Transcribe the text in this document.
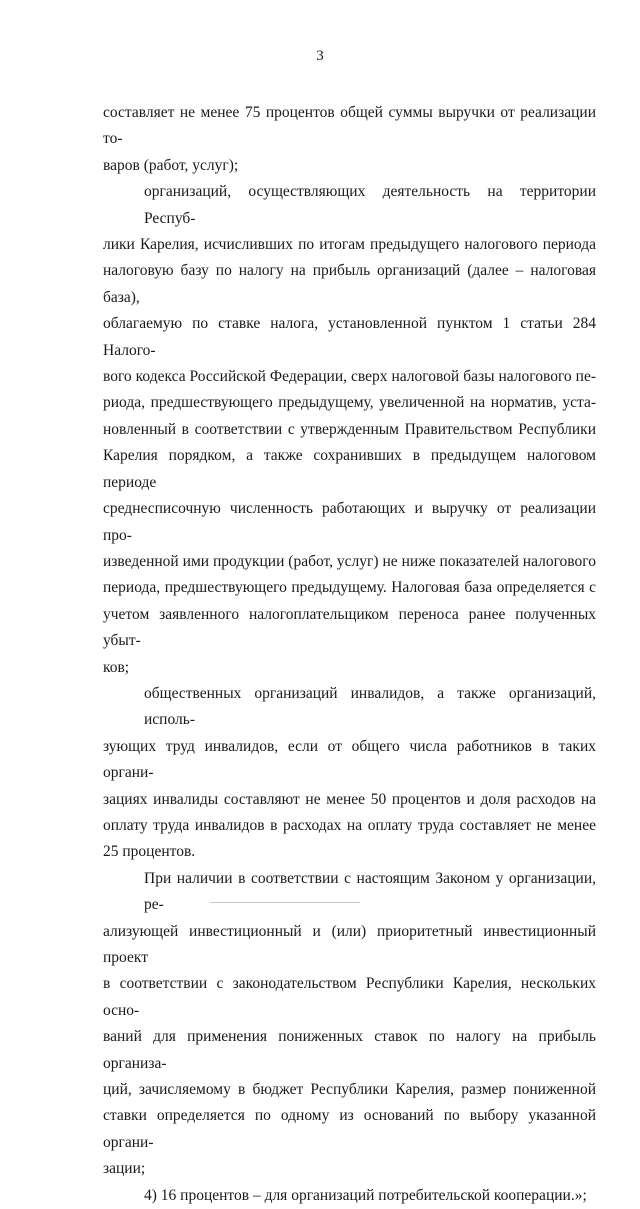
3
составляет не менее 75 процентов общей суммы выручки от реализации то-
варов (работ, услуг);
организаций, осуществляющих деятельность на территории Респуб-
лики Карелия, исчисливших по итогам предыдущего налогового периода
налоговую базу по налогу на прибыль организаций (далее – налоговая база),
облагаемую по ставке налога, установленной пунктом 1 статьи 284 Налого-
вого кодекса Российской Федерации, сверх налоговой базы налогового пе-
риода, предшествующего предыдущему, увеличенной на норматив, уста-
новленный в соответствии с утвержденным Правительством Республики
Карелия порядком, а также сохранивших в предыдущем налоговом периоде
среднесписочную численность работающих и выручку от реализации про-
изведенной ими продукции (работ, услуг) не ниже показателей налогового
периода, предшествующего предыдущему. Налоговая база определяется с
учетом заявленного налогоплательщиком переноса ранее полученных убыт-
ков;
общественных организаций инвалидов, а также организаций, исполь-
зующих труд инвалидов, если от общего числа работников в таких органи-
зациях инвалиды составляют не менее 50 процентов и доля расходов на
оплату труда инвалидов в расходах на оплату труда составляет не менее
25 процентов.
При наличии в соответствии с настоящим Законом у организации, ре-
ализующей инвестиционный и (или) приоритетный инвестиционный проект
в соответствии с законодательством Республики Карелия, нескольких осно-
ваний для применения пониженных ставок по налогу на прибыль организа-
ций, зачисляемому в бюджет Республики Карелия, размер пониженной
ставки определяется по одному из оснований по выбору указанной органи-
зации;
4) 16 процентов – для организаций потребительской кооперации.»;
